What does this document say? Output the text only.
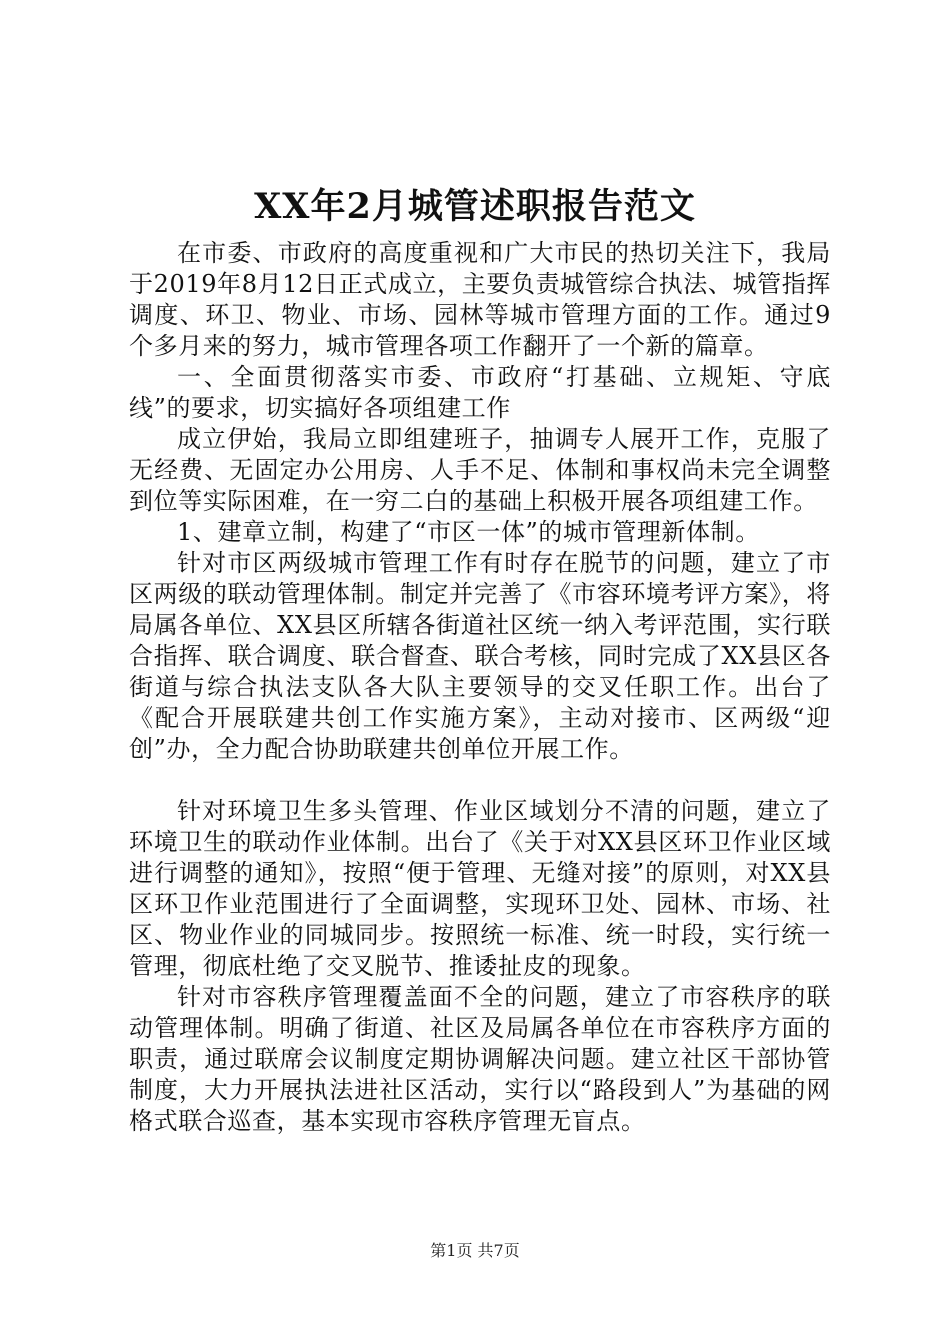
XX年2月城管述职报告范文

在市委、市政府的高度重视和广大市民的热切关注下，我局于2019年8月12日正式成立，主要负责城管综合执法、城管指挥调度、环卫、物业、市场、园林等城市管理方面的工作。通过9个多月来的努力，城市管理各项工作翻开了一个新的篇章。

一、全面贯彻落实市委、市政府“打基础、立规矩、守底线”的要求，切实搞好各项组建工作

成立伊始，我局立即组建班子，抽调专人展开工作，克服了无经费、无固定办公用房、人手不足、体制和事权尚未完全调整到位等实际困难，在一穷二白的基础上积极开展各项组建工作。

1、建章立制，构建了“市区一体”的城市管理新体制。

针对市区两级城市管理工作有时存在脱节的问题，建立了市区两级的联动管理体制。制定并完善了《市容环境考评方案》，将局属各单位、XX县区所辖各街道社区统一纳入考评范围，实行联合指挥、联合调度、联合督查、联合考核，同时完成了XX县区各街道与综合执法支队各大队主要领导的交叉任职工作。出台了《配合开展联建共创工作实施方案》，主动对接市、区两级“迎创”办，全力配合协助联建共创单位开展工作。

针对环境卫生多头管理、作业区域划分不清的问题，建立了环境卫生的联动作业体制。出台了《关于对XX县区环卫作业区域进行调整的通知》，按照“便于管理、无缝对接”的原则，对XX县区环卫作业范围进行了全面调整，实现环卫处、园林、市场、社区、物业作业的同城同步。按照统一标准、统一时段，实行统一管理，彻底杜绝了交叉脱节、推诿扯皮的现象。

针对市容秩序管理覆盖面不全的问题，建立了市容秩序的联动管理体制。明确了街道、社区及局属各单位在市容秩序方面的职责，通过联席会议制度定期协调解决问题。建立社区干部协管制度，大力开展执法进社区活动，实行以“路段到人”为基础的网格式联合巡查，基本实现市容秩序管理无盲点。

第1页 共7页
